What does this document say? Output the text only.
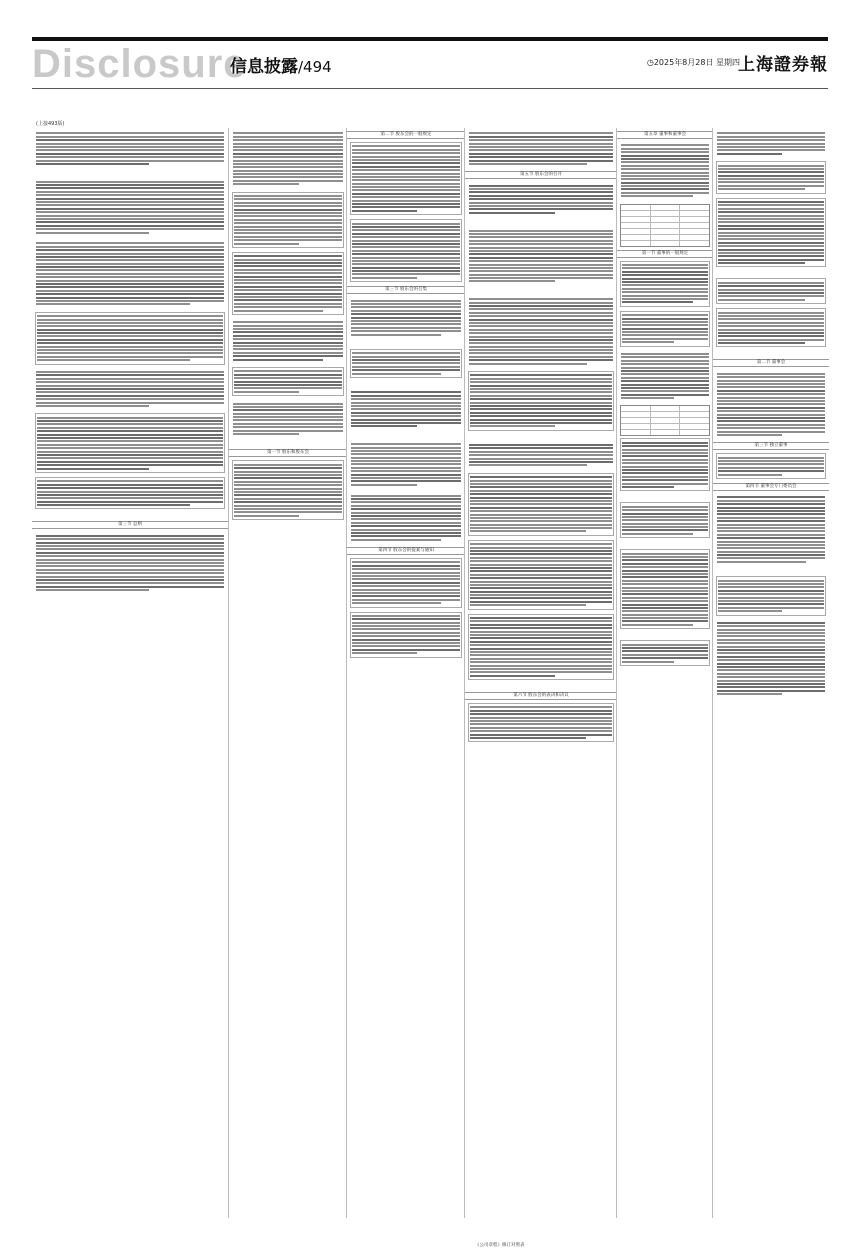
Disclosure
信息披露/494	◷2025年8月28日 星期四
上海證券報
(上接493版)
第三节 总则
第一节 股东和股东会
第二节 股东会的一般规定
第三节 股东会的召集
第四节 股东会的提案与通知
第五节 股东会的召开
第六节 股东会的表决和决议
第五章 董事和董事会
第一节 董事的一般规定
第二节 董事会
第三节 独立董事
第四节 董事会专门委员会
《公司章程》修订对照表
